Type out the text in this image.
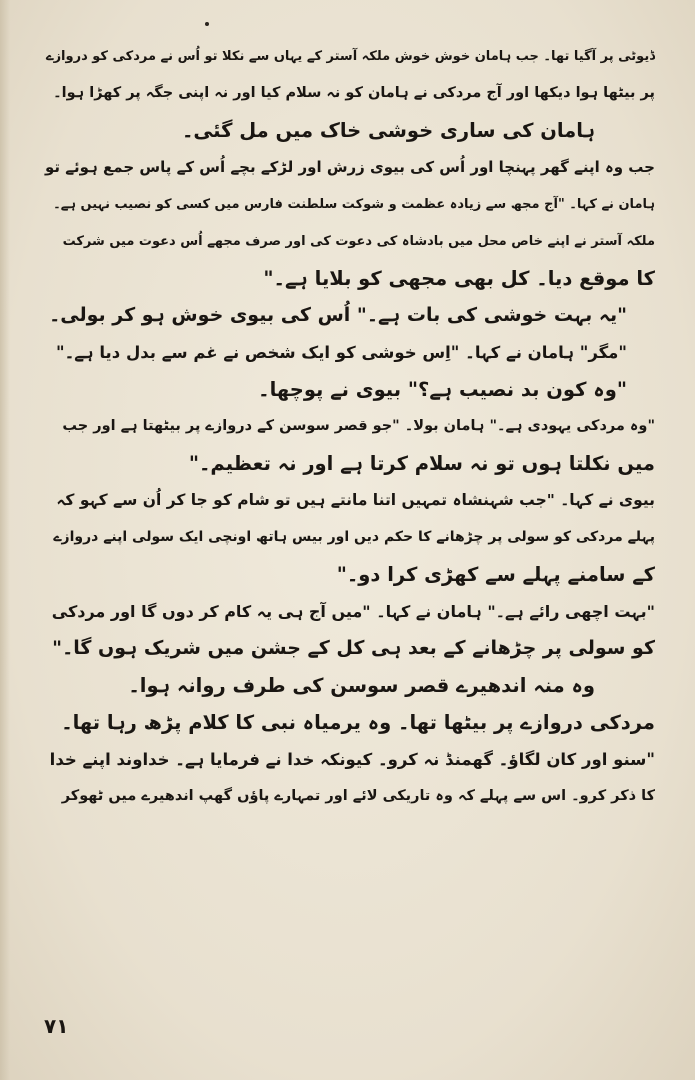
ڈیوٹی پر آگیا تھا۔ جب ہامان خوش خوش ملکہ آستر کے یہاں سے نکلا تو اُس نے مردکی کو دروازے
پر بیٹھا ہوا دیکھا اور آج مردکی نے ہامان کو نہ سلام کیا اور نہ اپنی جگہ پر کھڑا ہوا۔
ہامان کی ساری خوشی خاک میں مل گئی۔
جب وہ اپنے گھر پہنچا اور اُس کی بیوی زرش اور لڑکے بچے اُس کے پاس جمع ہوئے تو
ہامان نے کہا۔ "آج مجھ سے زیادہ عظمت و شوکت سلطنت فارس میں کسی کو نصیب نہیں ہے۔
ملکہ آستر نے اپنے خاص محل میں بادشاہ کی دعوت کی اور صرف مجھے اُس دعوت میں شرکت
کا موقع دیا۔ کل بھی مجھی کو بلایا ہے۔"
"یہ بہت خوشی کی بات ہے۔" اُس کی بیوی خوش ہو کر بولی۔
"مگر" ہامان نے کہا۔ "اِس خوشی کو ایک شخص نے غم سے بدل دیا ہے۔"
"وہ کون بد نصیب ہے؟" بیوی نے پوچھا۔
"وہ مردکی یہودی ہے۔" ہامان بولا۔ "جو قصر سوسن کے دروازے پر بیٹھتا ہے اور جب
میں نکلتا ہوں تو نہ سلام کرتا ہے اور نہ تعظیم۔"
بیوی نے کہا۔ "جب شہنشاہ تمہیں اتنا مانتے ہیں تو شام کو جا کر اُن سے کہو کہ
پہلے مردکی کو سولی پر چڑھانے کا حکم دیں اور بیس ہاتھ اونچی ایک سولی اپنے دروازے
کے سامنے پہلے سے کھڑی کرا دو۔"
"بہت اچھی رائے ہے۔" ہامان نے کہا۔ "میں آج ہی یہ کام کر دوں گا اور مردکی
کو سولی پر چڑھانے کے بعد ہی کل کے جشن میں شریک ہوں گا۔"
وہ منہ اندھیرے قصر سوسن کی طرف روانہ ہوا۔
مردکی دروازے پر بیٹھا تھا۔ وہ یرمیاہ نبی کا کلام پڑھ رہا تھا۔
"سنو اور کان لگاؤ۔ گھمنڈ نہ کرو۔ کیونکہ خدا نے فرمایا ہے۔ خداوند اپنے خدا
کا ذکر کرو۔ اس سے پہلے کہ وہ تاریکی لائے اور تمہارے پاؤں گھپ اندھیرے میں ٹھوکر
۷۱
